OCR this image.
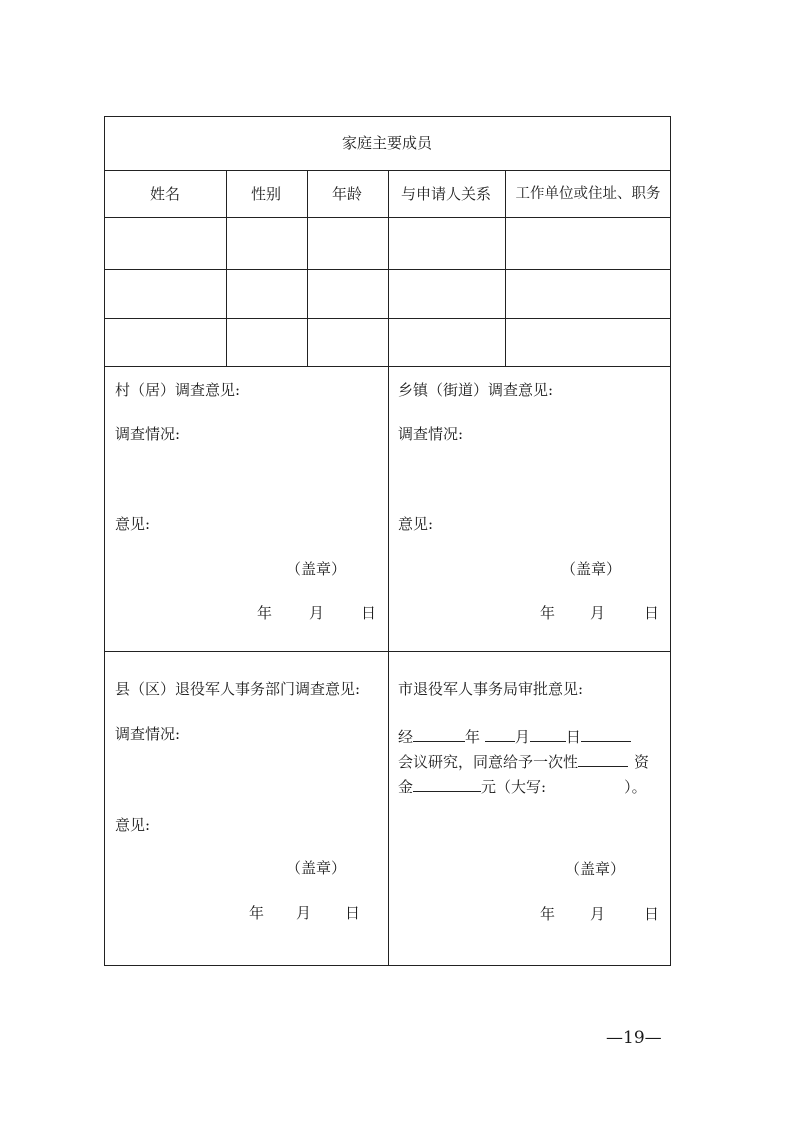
家庭主要成员
姓名	性别	年龄	与申请人关系 工作单位或住址、职务
村（居）调查意见:
调查情况:
意见:
（盖章）
年 月 日
乡镇（街道）调查意见:
调查情况:
意见:
（盖章）
年 月	日
县（区）退役军人事务部门调查意见:
调查情况:
意见:
（盖章）
年 月 日
市退役军人事务局审批意见:
经	年 月 日
会议研究，同意给予一次性	资
金	元（大写:	）。
（盖章）
年 月	日
—19—
